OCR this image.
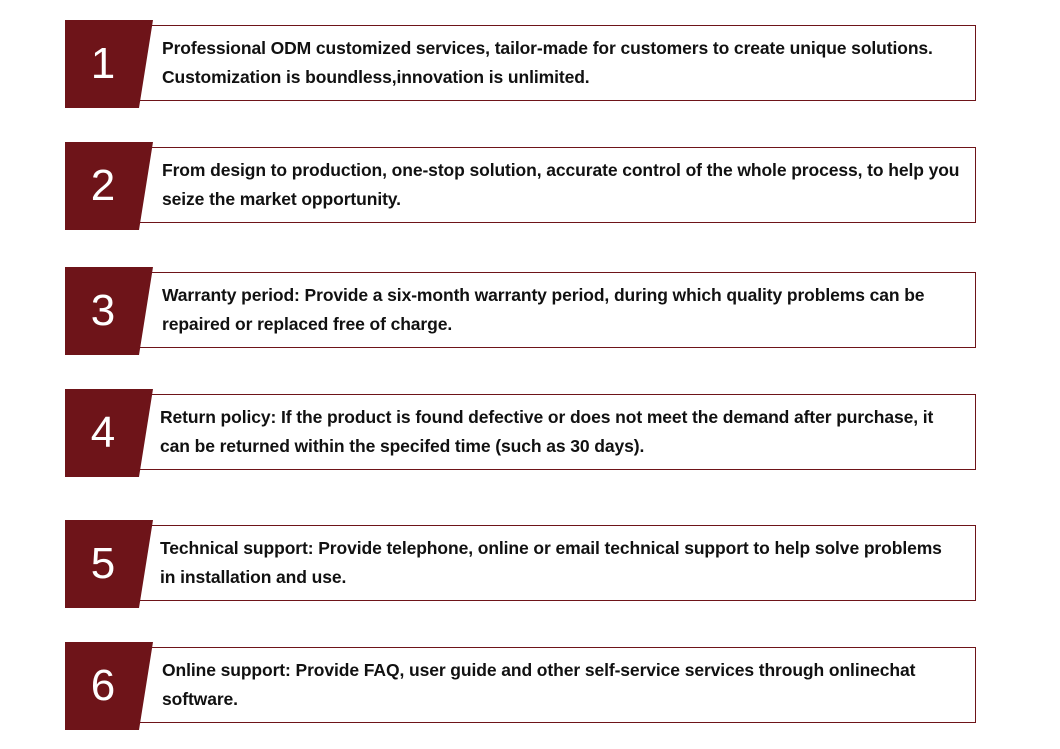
Professional ODM customized services, tailor-made for customers to create unique solutions. Customization is boundless,innovation is unlimited.
1
From design to production, one-stop solution, accurate control of the whole process, to help you seize the market opportunity.
2
Warranty period: Provide a six-month warranty period, during which quality problems can be repaired or replaced free of charge.
3
Return policy: If the product is found defective or does not meet the demand after purchase, it can be returned within the specifed time (such as 30 days).
4
Technical support: Provide telephone, online or email technical support to help solve problems in installation and use.
5
Online support: Provide FAQ, user guide and other self-service services through onlinechat software.
6
